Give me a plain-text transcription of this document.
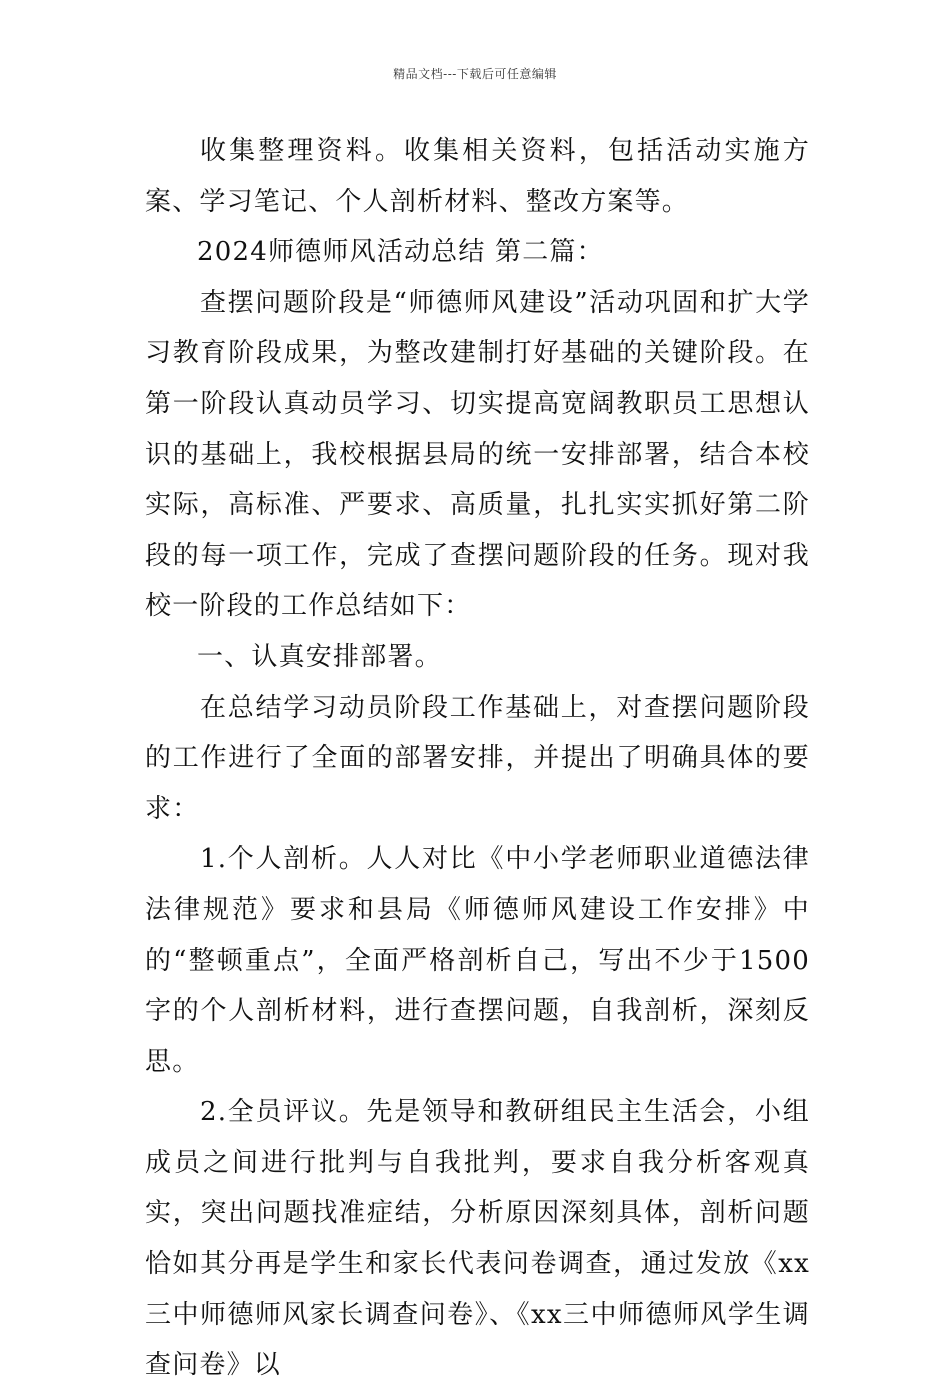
精品文档---下载后可任意编辑

收集整理资料。收集相关资料，包括活动实施方案、学习笔记、个人剖析材料、整改方案等。

2024师德师风活动总结 第二篇：

查摆问题阶段是“师德师风建设”活动巩固和扩大学习教育阶段成果，为整改建制打好基础的关键阶段。在第一阶段认真动员学习、切实提高宽阔教职员工思想认识的基础上，我校根据县局的统一安排部署，结合本校实际，高标准、严要求、高质量，扎扎实实抓好第二阶段的每一项工作，完成了查摆问题阶段的任务。现对我校一阶段的工作总结如下：

一、认真安排部署。

在总结学习动员阶段工作基础上，对查摆问题阶段的工作进行了全面的部署安排，并提出了明确具体的要求：

1.个人剖析。人人对比《中小学老师职业道德法律法律规范》要求和县局《师德师风建设工作安排》中的“整顿重点”，全面严格剖析自己，写出不少于1500字的个人剖析材料，进行查摆问题，自我剖析，深刻反思。

2.全员评议。先是领导和教研组民主生活会，小组成员之间进行批判与自我批判，要求自我分析客观真实，突出问题找准症结，分析原因深刻具体，剖析问题恰如其分再是学生和家长代表问卷调查，通过发放《xx三中师德师风家长调查问卷》、《xx三中师德师风学生调查问卷》以
